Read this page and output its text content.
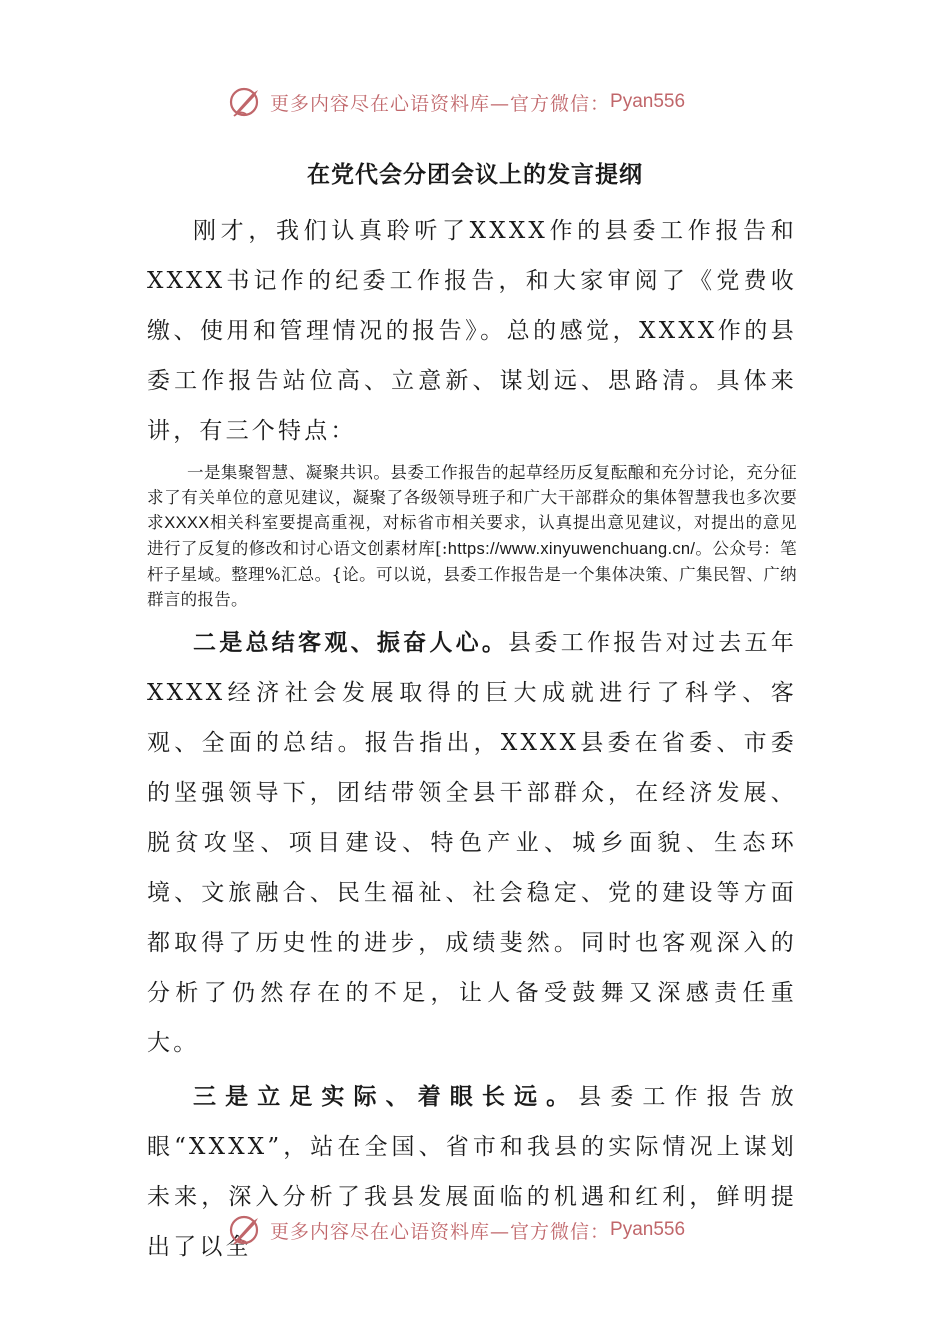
更多内容尽在心语资料库—官方微信： Pyan556
在党代会分团会议上的发言提纲

刚才，我们认真聆听了XXXX作的县委工作报告和XXXX书记作的纪委工作报告，和大家审阅了《党费收缴、使用和管理情况的报告》。总的感觉，XXXX作的县委工作报告站位高、立意新、谋划远、思路清。具体来讲，有三个特点：

一是集聚智慧、凝聚共识。县委工作报告的起草经历反复酝酿和充分讨论，充分征求了有关单位的意见建议，凝聚了各级领导班子和广大干部群众的集体智慧我也多次要求XXXX相关科室要提高重视，对标省市相关要求，认真提出意见建议，对提出的意见进行了反复的修改和讨心语文创素材库[:https://www.xinyuwenchuang.cn/。公众号：笔杆子星域。整理%汇总。{论。可以说，县委工作报告是一个集体决策、广集民智、广纳群言的报告。

二是总结客观、振奋人心。县委工作报告对过去五年XXXX经济社会发展取得的巨大成就进行了科学、客观、全面的总结。报告指出，XXXX县委在省委、市委的坚强领导下，团结带领全县干部群众，在经济发展、脱贫攻坚、项目建设、特色产业、城乡面貌、生态环境、文旅融合、民生福祉、社会稳定、党的建设等方面都取得了历史性的进步，成绩斐然。同时也客观深入的分析了仍然存在的不足，让人备受鼓舞又深感责任重大。

三是立足实际、着眼长远。县委工作报告放眼“XXXX”，站在全国、省市和我县的实际情况上谋划未来，深入分析了我县发展面临的机遇和红利，鲜明提出了以全

更多内容尽在心语资料库—官方微信： Pyan556
